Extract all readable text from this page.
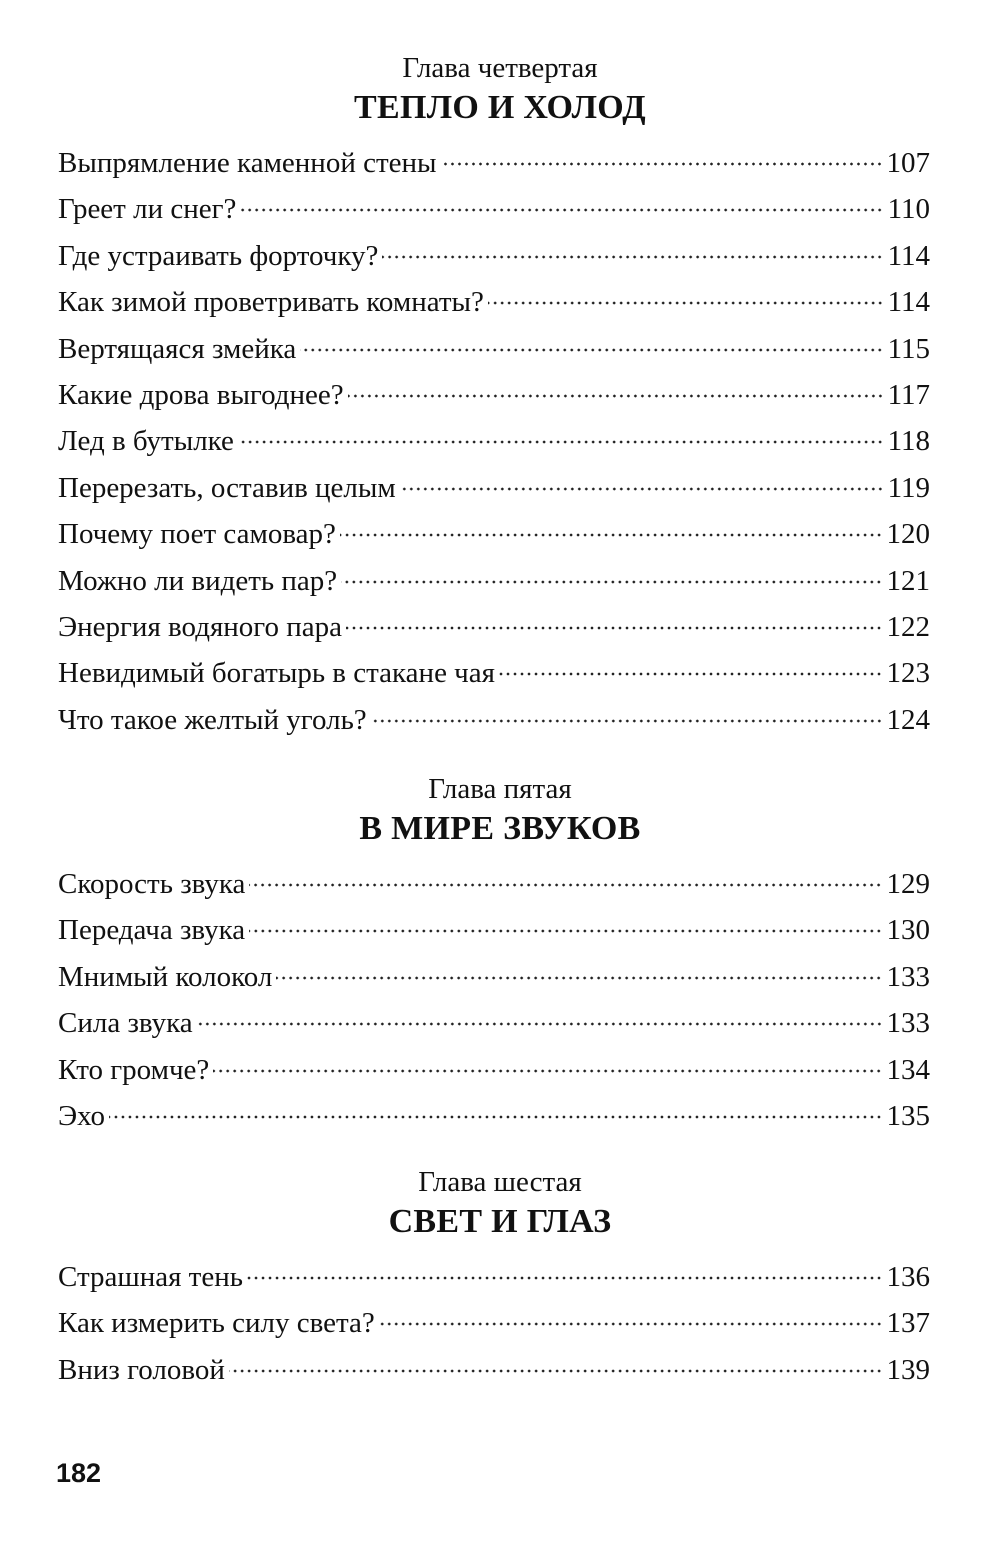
Глава четвертая
ТЕПЛО И ХОЛОД
Выпрямление каменной стены	107
Греет ли снег?	110
Где устраивать форточку?	114
Как зимой проветривать комнаты?	114
Вертящаяся змейка	115
Какие дрова выгоднее?	117
Лед в бутылке	118
Перерезать, оставив целым	119
Почему поет самовар?	120
Можно ли видеть пар?	121
Энергия водяного пара	122
Невидимый богатырь в стакане чая	123
Что такое желтый уголь?	124
Глава пятая
В МИРЕ ЗВУКОВ
Скорость звука	129
Передача звука	130
Мнимый колокол	133
Сила звука	133
Кто громче?	134
Эхо	135
Глава шестая
СВЕТ И ГЛАЗ
Страшная тень	136
Как измерить силу света?	137
Вниз головой	139
182
